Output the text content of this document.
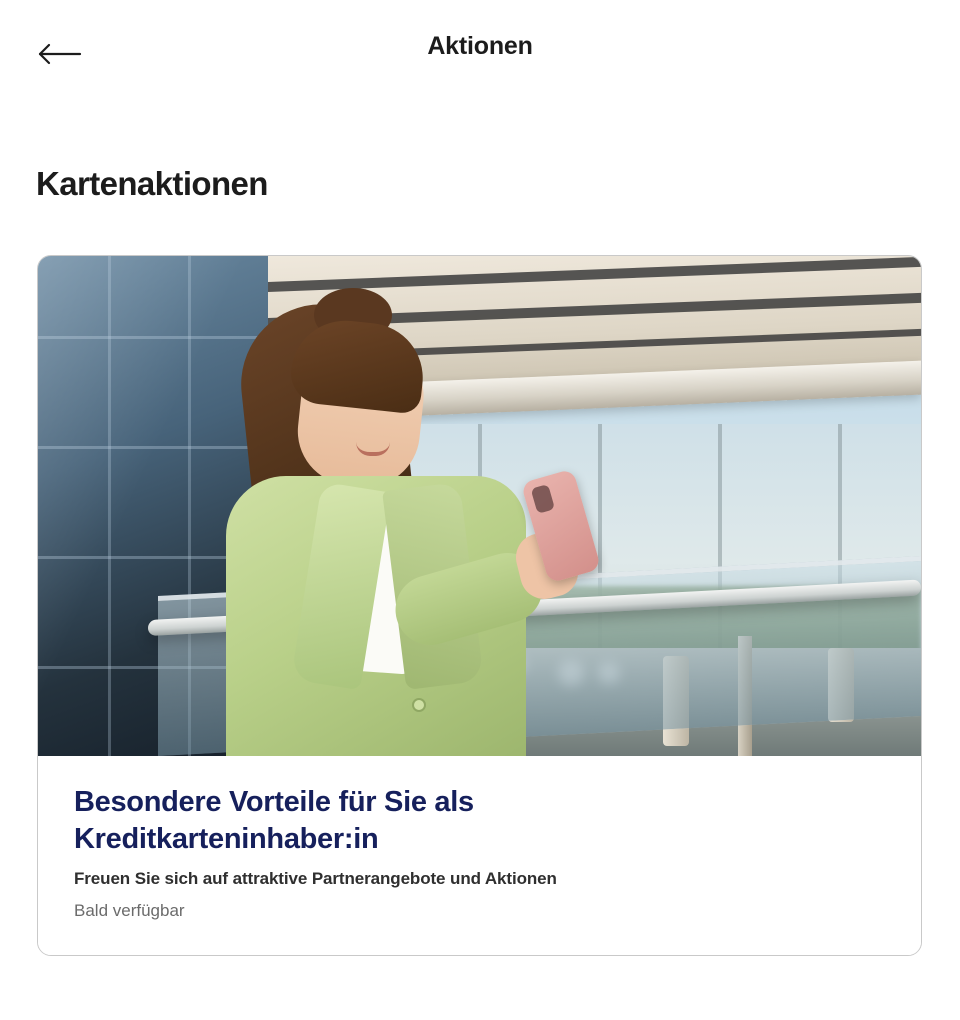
Aktionen
Kartenaktionen
Besondere Vorteile für Sie als Kreditkarteninhaber:in

Freuen Sie sich auf attraktive Partnerangebote und Aktionen

Bald verfügbar
